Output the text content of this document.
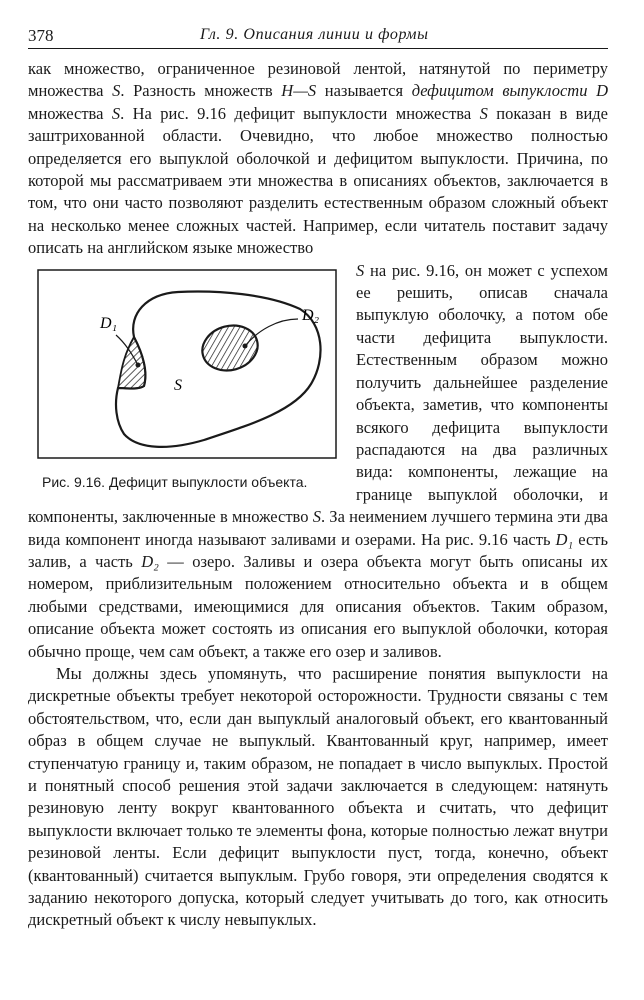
378	Гл. 9. Описания линии и формы

как множество, ограниченное резиновой лентой, натянутой по периметру множества S. Разность множеств H—S называется дефицитом выпуклости D множества S. На рис. 9.16 дефицит выпуклости множества S показан в виде заштрихованной области. Очевидно, что любое множество полностью определяется его выпуклой оболочкой и дефицитом выпуклости. Причина, по которой мы рассматриваем эти множества в описаниях объектов, заключается в том, что они часто позволяют разделить естественным образом сложный объект на несколько менее сложных частей. Например, если читатель поставит задачу описать на английском языке множество

D₁	D₂
S
Рис. 9.16. Дефицит выпуклости объекта.
S на рис. 9.16, он может с успехом ее решить, описав сначала выпуклую оболочку, а потом обе части дефицита выпуклости. Естественным образом можно получить дальнейшее разделение объекта, заметив, что компоненты всякого дефицита выпуклости распадаются на два различных вида: компоненты, лежащие на границе выпуклой оболочки, и компоненты, заключенные в множество S. За неимением лучшего термина эти два вида компонент иногда называют заливами и озерами. На рис. 9.16 часть D₁ есть залив, а часть D₂ — озеро. Заливы и озера объекта могут быть описаны их номером, приблизительным положением относительно объекта и в общем любыми средствами, имеющимися для описания объектов. Таким образом, описание объекта может состоять из описания его выпуклой оболочки, которая обычно проще, чем сам объект, а также его озер и заливов.

Мы должны здесь упомянуть, что расширение понятия выпуклости на дискретные объекты требует некоторой осторожности. Трудности связаны с тем обстоятельством, что, если дан выпуклый аналоговый объект, его квантованный образ в общем случае не выпуклый. Квантованный круг, например, имеет ступенчатую границу и, таким образом, не попадает в число выпуклых. Простой и понятный способ решения этой задачи заключается в следующем: натянуть резиновую ленту вокруг квантованного объекта и считать, что дефицит выпуклости включает только те элементы фона, которые полностью лежат внутри резиновой ленты. Если дефицит выпуклости пуст, тогда, конечно, объект (квантованный) считается выпуклым. Грубо говоря, эти определения сводятся к заданию некоторого допуска, который следует учитывать до того, как относить дискретный объект к числу невыпуклых.
